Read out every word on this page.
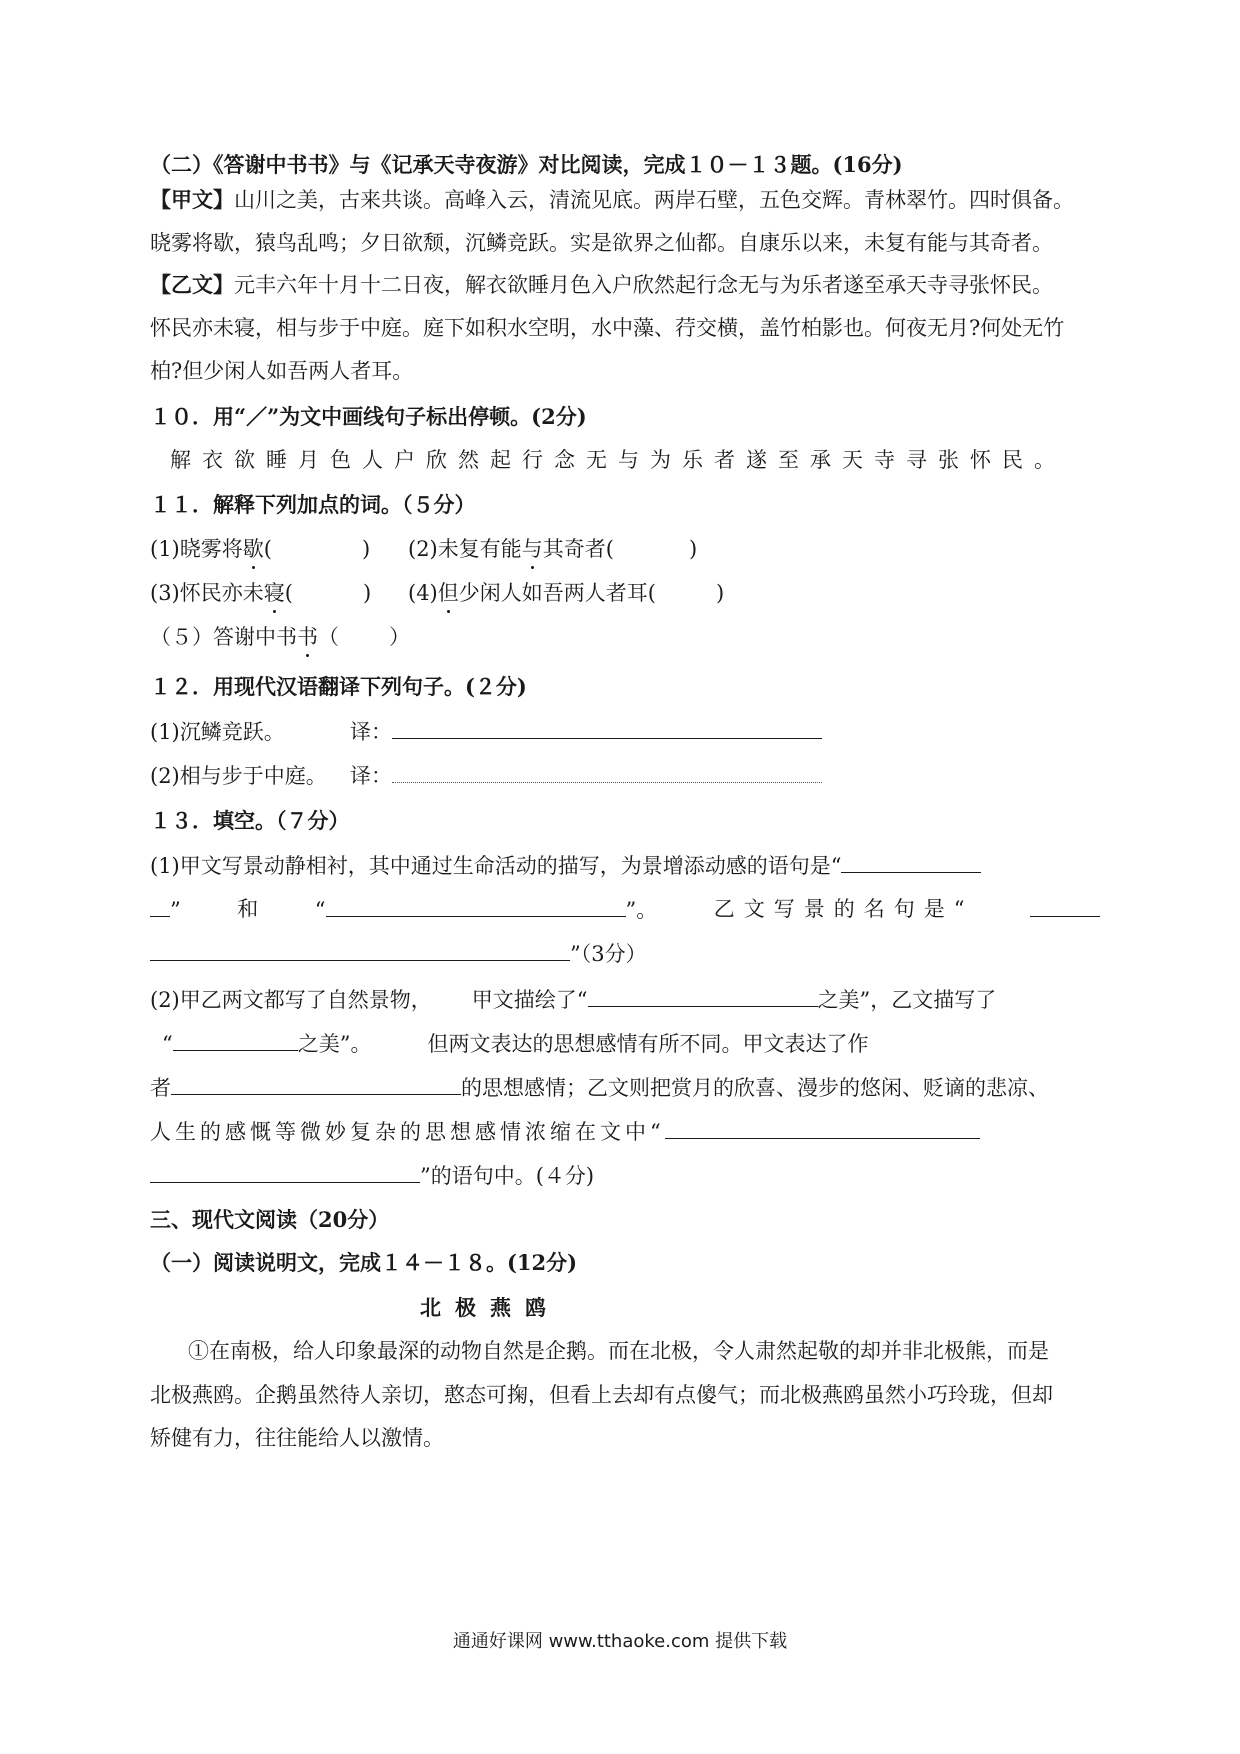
（二）《答谢中书书》与《记承天寺夜游》对比阅读，完成１０－１３题。(16分)
【甲文】山川之美，古来共谈。高峰入云，清流见底。两岸石壁，五色交辉。青林翠竹。四时俱备。
晓雾将歇，猿鸟乱鸣；夕日欲颓，沉鳞竞跃。实是欲界之仙都。自康乐以来，未复有能与其奇者。
【乙文】元丰六年十月十二日夜，解衣欲睡月色入户欣然起行念无与为乐者遂至承天寺寻张怀民。
怀民亦未寝，相与步于中庭。庭下如积水空明，水中藻、荇交横，盖竹柏影也。何夜无月?何处无竹
柏?但少闲人如吾两人者耳。
１０．用“／”为文中画线句子标出停顿。(2分)
解衣欲睡月色人户欣然起行念无与为乐者遂至承天寺寻张怀民。
１１．解释下列加点的词。（５分）
(1)晓雾将歇(	) (2)未复有能与其奇者(	)
(3)怀民亦未寝(	) (4)但少闲人如吾两人者耳(	)
（５）答谢中书书（ ）
１２．用现代汉语翻译下列句子。(２分)
(1)沉鳞竞跃。	译：
(2)相与步于中庭。 译：
１３．填空。（７分）
(1)甲文写景动静相衬，其中通过生命活动的描写，为景增添动感的语句是“
”	和	“	”。	乙文写景的名句是“
”（3分）
(2)甲乙两文都写了自然景物， 甲文描绘了“	之美”，乙文描写了
“	之美”。	但两文表达的思想感情有所不同。甲文表达了作
者	的思想感情；乙文则把赏月的欣喜、漫步的悠闲、贬谪的悲凉、
人生的感慨等微妙复杂的思想感情浓缩在文中“
”的语句中。(４分)
三、现代文阅读（20分）
（一）阅读说明文，完成１４－１８。(12分)
北极燕鸥
①在南极，给人印象最深的动物自然是企鹅。而在北极，令人肃然起敬的却并非北极熊，而是
北极燕鸥。企鹅虽然待人亲切，憨态可掬，但看上去却有点傻气；而北极燕鸥虽然小巧玲珑，但却
矫健有力，往往能给人以激情。
通通好课网 www.tthaoke.com 提供下载
